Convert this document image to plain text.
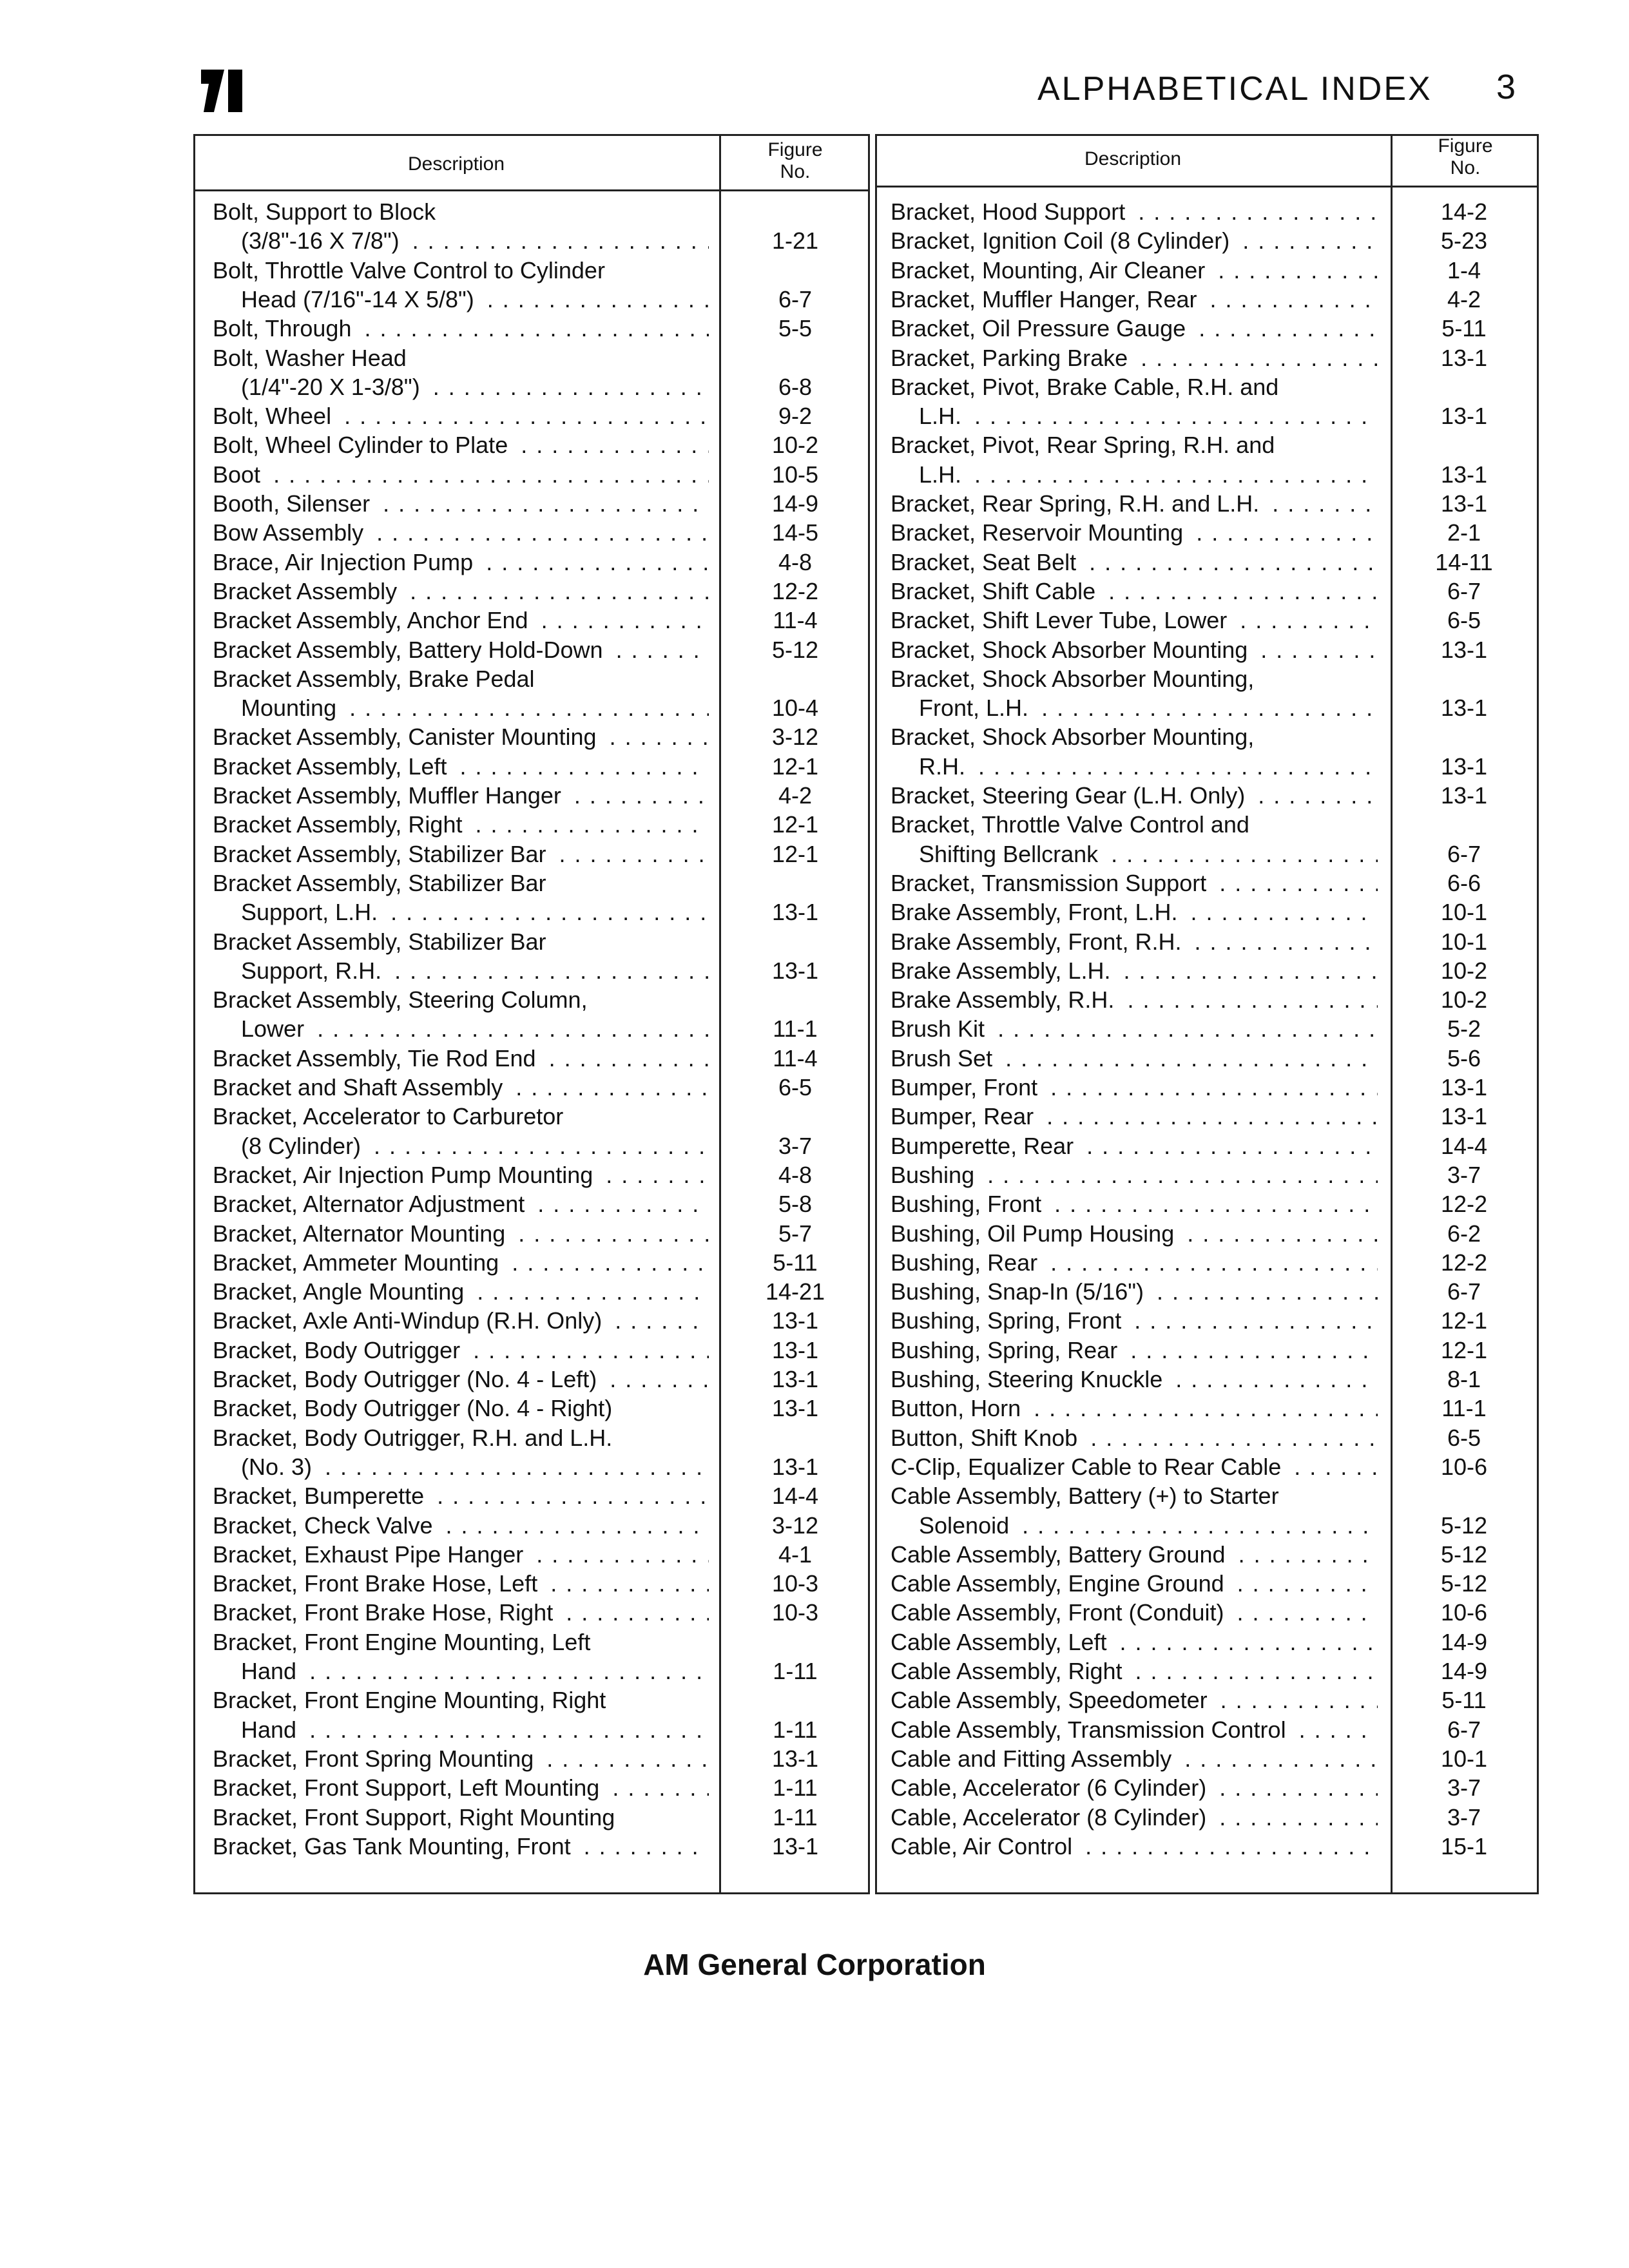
ALPHABETICAL INDEX 3
Description
Figure
No.
Description
Figure
No.
Bolt, Support to Block
(3/8"-16 X 7/8") . . .	1-21
Bolt, Throttle Valve Control to Cylinder
Head (7/16"-14 X 5/8") . . .	6-7
Bolt, Through . . .	5-5
Bolt, Washer Head
(1/4"-20 X 1-3/8") . . .	6-8
Bolt, Wheel . . .	9-2
Bolt, Wheel Cylinder to Plate . . .	10-2
Boot . . .	10-5
Booth, Silenser . . .	14-9
Bow Assembly . . .	14-5
Brace, Air Injection Pump . . .	4-8
Bracket Assembly . . .	12-2
Bracket Assembly, Anchor End . . .	11-4
Bracket Assembly, Battery Hold-Down . . .	5-12
Bracket Assembly, Brake Pedal
Mounting . . .	10-4
Bracket Assembly, Canister Mounting . . .	3-12
Bracket Assembly, Left . . .	12-1
Bracket Assembly, Muffler Hanger . . .	4-2
Bracket Assembly, Right . . .	12-1
Bracket Assembly, Stabilizer Bar . . .	12-1
Bracket Assembly, Stabilizer Bar
Support, L.H. . . .	13-1
Bracket Assembly, Stabilizer Bar
Support, R.H. . . .	13-1
Bracket Assembly, Steering Column,
Lower . . .	11-1
Bracket Assembly, Tie Rod End . . .	11-4
Bracket and Shaft Assembly . . .	6-5
Bracket, Accelerator to Carburetor
(8 Cylinder) . . .	3-7
Bracket, Air Injection Pump Mounting . . .	4-8
Bracket, Alternator Adjustment . . .	5-8
Bracket, Alternator Mounting . . .	5-7
Bracket, Ammeter Mounting . . .	5-11
Bracket, Angle Mounting . . .	14-21
Bracket, Axle Anti-Windup (R.H. Only) . . .	13-1
Bracket, Body Outrigger . . .	13-1
Bracket, Body Outrigger (No. 4 - Left) . . .	13-1
Bracket, Body Outrigger (No. 4 - Right)	13-1
Bracket, Body Outrigger, R.H. and L.H.
(No. 3) . . .	13-1
Bracket, Bumperette . . .	14-4
Bracket, Check Valve . . .	3-12
Bracket, Exhaust Pipe Hanger . . .	4-1
Bracket, Front Brake Hose, Left . . .	10-3
Bracket, Front Brake Hose, Right . . .	10-3
Bracket, Front Engine Mounting, Left
Hand . . .	1-11
Bracket, Front Engine Mounting, Right
Hand . . .	1-11
Bracket, Front Spring Mounting . . .	13-1
Bracket, Front Support, Left Mounting . . .	1-11
Bracket, Front Support, Right Mounting	1-11
Bracket, Gas Tank Mounting, Front . . .	13-1
Bracket, Hood Support . . .	14-2
Bracket, Ignition Coil (8 Cylinder) . . .	5-23
Bracket, Mounting, Air Cleaner . . .	1-4
Bracket, Muffler Hanger, Rear . . .	4-2
Bracket, Oil Pressure Gauge . . .	5-11
Bracket, Parking Brake . . .	13-1
Bracket, Pivot, Brake Cable, R.H. and
L.H. . . .	13-1
Bracket, Pivot, Rear Spring, R.H. and
L.H. . . .	13-1
Bracket, Rear Spring, R.H. and L.H. . . .	13-1
Bracket, Reservoir Mounting . . .	2-1
Bracket, Seat Belt . . .	14-11
Bracket, Shift Cable . . .	6-7
Bracket, Shift Lever Tube, Lower . . .	6-5
Bracket, Shock Absorber Mounting . . .	13-1
Bracket, Shock Absorber Mounting,
Front, L.H. . . .	13-1
Bracket, Shock Absorber Mounting,
R.H. . . .	13-1
Bracket, Steering Gear (L.H. Only) . . .	13-1
Bracket, Throttle Valve Control and
Shifting Bellcrank . . .	6-7
Bracket, Transmission Support . . .	6-6
Brake Assembly, Front, L.H. . . .	10-1
Brake Assembly, Front, R.H. . . .	10-1
Brake Assembly, L.H. . . .	10-2
Brake Assembly, R.H. . . .	10-2
Brush Kit . . .	5-2
Brush Set . . .	5-6
Bumper, Front . . .	13-1
Bumper, Rear . . .	13-1
Bumperette, Rear . . .	14-4
Bushing . . .	3-7
Bushing, Front . . .	12-2
Bushing, Oil Pump Housing . . .	6-2
Bushing, Rear . . .	12-2
Bushing, Snap-In (5/16") . . .	6-7
Bushing, Spring, Front . . .	12-1
Bushing, Spring, Rear . . .	12-1
Bushing, Steering Knuckle . . .	8-1
Button, Horn . . .	11-1
Button, Shift Knob . . .	6-5
C-Clip, Equalizer Cable to Rear Cable . . .	10-6
Cable Assembly, Battery (+) to Starter
Solenoid . . .	5-12
Cable Assembly, Battery Ground . . .	5-12
Cable Assembly, Engine Ground . . .	5-12
Cable Assembly, Front (Conduit) . . .	10-6
Cable Assembly, Left . . .	14-9
Cable Assembly, Right . . .	14-9
Cable Assembly, Speedometer . . .	5-11
Cable Assembly, Transmission Control . . .	6-7
Cable and Fitting Assembly . . .	10-1
Cable, Accelerator (6 Cylinder) . . .	3-7
Cable, Accelerator (8 Cylinder) . . .	3-7
Cable, Air Control . . .	15-1
AM General Corporation
